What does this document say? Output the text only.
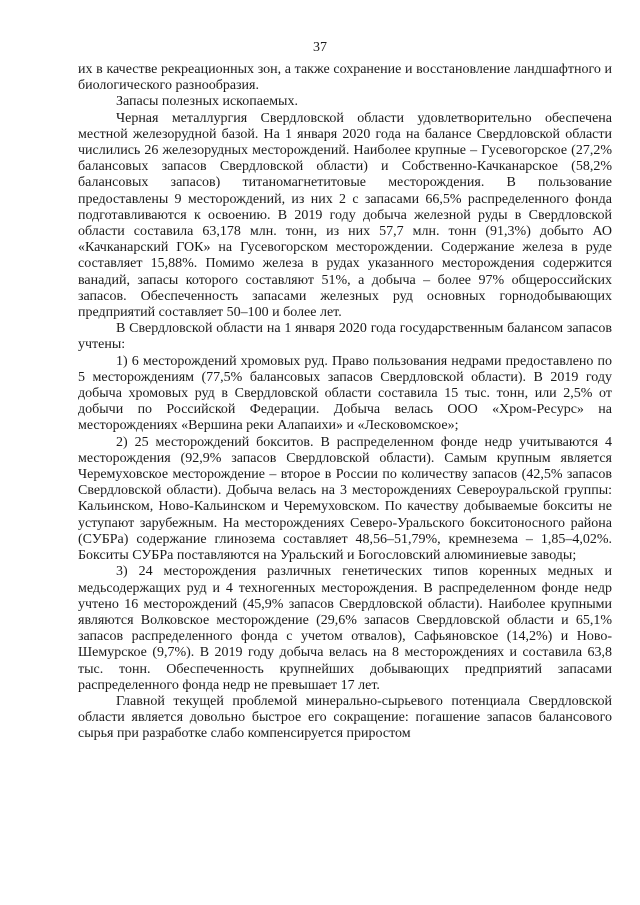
37

их в качестве рекреационных зон, а также сохранение и восстановление ландшафтного и биологического разнообразия.

Запасы полезных ископаемых.

Черная металлургия Свердловской области удовлетворительно обеспечена местной железорудной базой. На 1 января 2020 года на балансе Свердловской области числились 26 железорудных месторождений. Наиболее крупные – Гусевогорское (27,2% балансовых запасов Свердловской области) и Собственно-Качканарское (58,2% балансовых запасов) титаномагнетитовые месторождения. В пользование предоставлены 9 месторождений, из них 2 с запасами 66,5% распределенного фонда подготавливаются к освоению. В 2019 году добыча железной руды в Свердловской области составила 63,178 млн. тонн, из них 57,7 млн. тонн (91,3%) добыто АО «Качканарский ГОК» на Гусевогорском месторождении. Содержание железа в руде составляет 15,88%. Помимо железа в рудах указанного месторождения содержится ванадий, запасы которого составляют 51%, а добыча – более 97% общероссийских запасов. Обеспеченность запасами железных руд основных горнодобывающих предприятий составляет 50–100 и более лет.

В Свердловской области на 1 января 2020 года государственным балансом запасов учтены:

1) 6 месторождений хромовых руд. Право пользования недрами предоставлено по 5 месторождениям (77,5% балансовых запасов Свердловской области). В 2019 году добыча хромовых руд в Свердловской области составила 15 тыс. тонн, или 2,5% от добычи по Российской Федерации. Добыча велась ООО «Хром-Ресурс» на месторождениях «Вершина реки Алапаихи» и «Лесковомское»;

2) 25 месторождений бокситов. В распределенном фонде недр учитываются 4 месторождения (92,9% запасов Свердловской области). Самым крупным является Черемуховское месторождение – второе в России по количеству запасов (42,5% запасов Свердловской области). Добыча велась на 3 месторождениях Североуральской группы: Кальинском, Ново-Кальинском и Черемуховском. По качеству добываемые бокситы не уступают зарубежным. На месторождениях Северо-Уральского бокситоносного района (СУБРа) содержание глинозема составляет 48,56–51,79%, кремнезема – 1,85–4,02%. Бокситы СУБРа поставляются на Уральский и Богословский алюминиевые заводы;

3) 24 месторождения различных генетических типов коренных медных и медьсодержащих руд и 4 техногенных месторождения. В распределенном фонде недр учтено 16 месторождений (45,9% запасов Свердловской области). Наиболее крупными являются Волковское месторождение (29,6% запасов Свердловской области и 65,1% запасов распределенного фонда с учетом отвалов), Сафьяновское (14,2%) и Ново-Шемурское (9,7%). В 2019 году добыча велась на 8 месторождениях и составила 63,8 тыс. тонн. Обеспеченность крупнейших добывающих предприятий запасами распределенного фонда недр не превышает 17 лет.

Главной текущей проблемой минерально-сырьевого потенциала Свердловской области является довольно быстрое его сокращение: погашение запасов балансового сырья при разработке слабо компенсируется приростом
